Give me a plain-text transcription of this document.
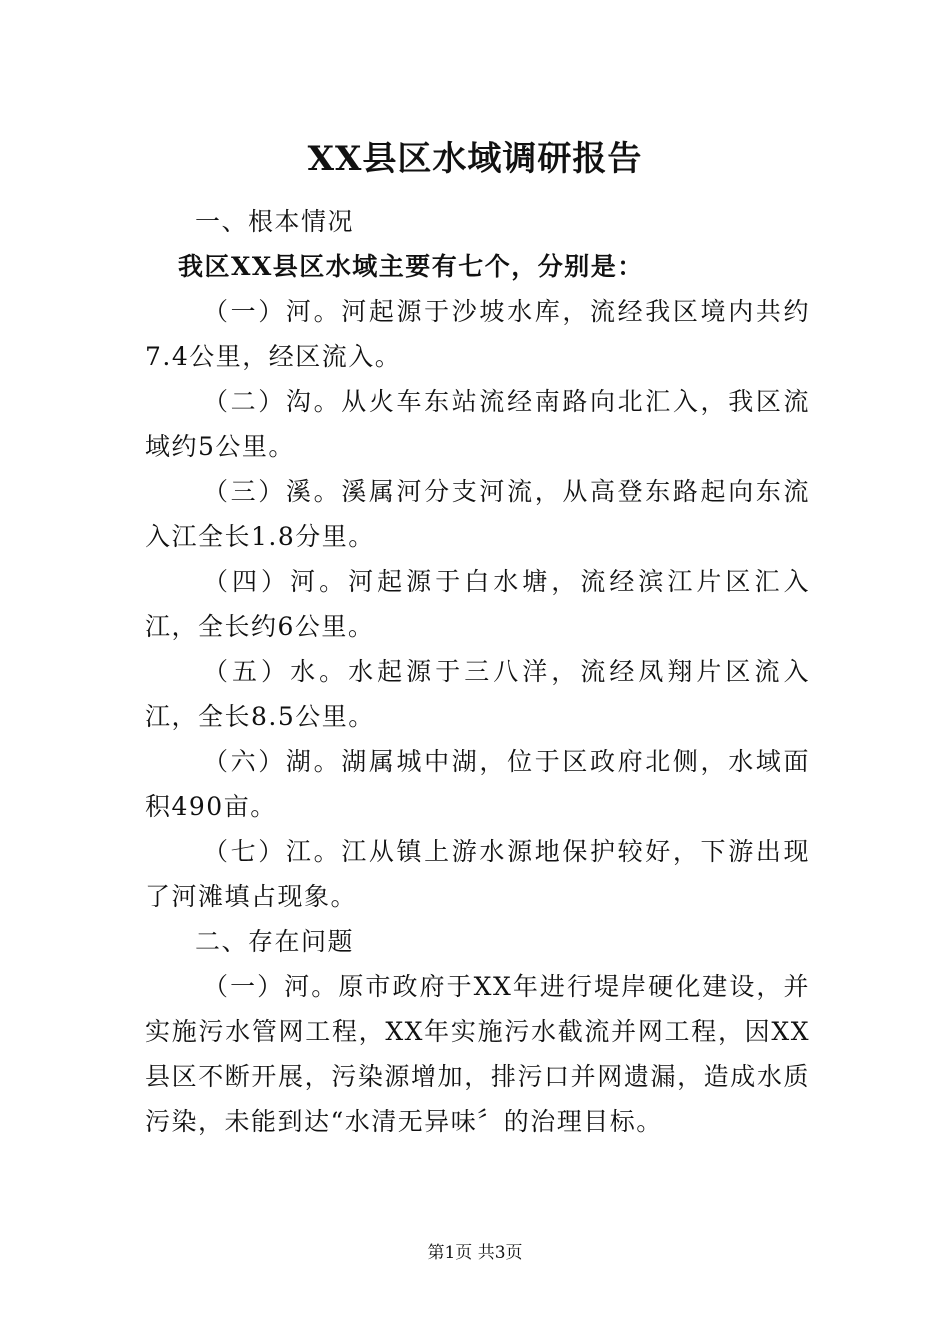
XX县区水域调研报告

一、根本情况

我区XX县区水域主要有七个，分别是：

（一）河。河起源于沙坡水库，流经我区境内共约7.4公里，经区流入。

（二）沟。从火车东站流经南路向北汇入，我区流域约5公里。

（三）溪。溪属河分支河流，从高登东路起向东流入江全长1.8分里。

（四）河。河起源于白水塘，流经滨江片区汇入江，全长约6公里。

（五）水。水起源于三八洋，流经凤翔片区流入江，全长8.5公里。

（六）湖。湖属城中湖，位于区政府北侧，水域面积490亩。

（七）江。江从镇上游水源地保护较好，下游出现了河滩填占现象。

二、存在问题

（一）河。原市政府于XX年进行堤岸硬化建设，并实施污水管网工程，XX年实施污水截流并网工程，因XX县区不断开展，污染源增加，排污口并网遗漏，造成水质污染，未能到达“水清无异味〞的治理目标。

第1页 共3页
